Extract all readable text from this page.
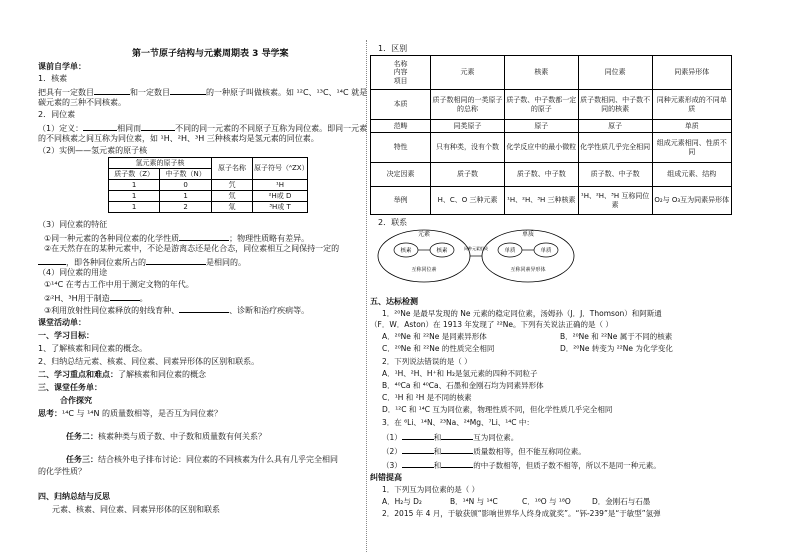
第一节原子结构与元素周期表 3 导学案
课前自学单：
1．核素
把具有一定数目	和一定数目	的一种原子叫做核素。如 ¹²C、¹³C、¹⁴C 就是
碳元素的三种不同核素。
2．同位素
（1）定义：	相同而	不同的同一元素的不同原子互称为同位素。即同一元素
的不同核素之间互称为同位素，如 ¹H、²H、³H 三种核素均是氢元素的同位素。
（2）实例——氢元素的原子核
氢元素的原子核		原子名称	原子符号（ᴬZX）
质子数（Z）	中子数（N）		
1	0	氕	¹H
1	1	氘	²H或 D
1	2	氚	³H或 T
（3）同位素的特征
①同一种元素的各种同位素的化学性质	；物理性质略有差异。
②在天然存在的某种元素中，不论是游离态还是化合态，同位素相互之间保持一定的
，即各种同位素所占的	是相同的。
（4）同位素的用途
①¹⁴C 在考古工作中用于测定文物的年代。
②²H、³H用于制造	。
③利用放射性同位素释放的射线育种、	、诊断和治疗疾病等。
课堂活动单：
一、学习目标：
1、了解核素和同位素的概念。
2、归纳总结元素、核素、同位素、同素异形体的区别和联系。
二、学习重点和难点：了解核素和同位素的概念
三、课堂任务单：
合作探究
思考：¹⁴C 与 ¹⁴N 的质量数相等，是否互为同位素？
任务二：核素种类与质子数、中子数和质量数有何关系？
任务三：结合核外电子排布讨论：同位素的不同核素为什么具有几乎完全相同
的化学性质？
四、归纳总结与反思
元素、核素、同位素、同素异形体的区别和联系
1．区别
名称
内容
项目	元素	核素	同位素	同素异形体
本质	质子数相同的一类原子的总称	质子数、中子数都一定的原子	质子数相同、中子数不同的核素	同种元素形成的不同单质
范畴	同类原子	原子	原子	单质
特性	只有种类，没有个数	化学反应中的最小微粒	化学性质几乎完全相同	组成元素相同、性质不同
决定因素	质子数	质子数、中子数	质子数、中子数	组成元素、结构
举例	H、C、O 三种元素	¹H、²H、³H 三种核素	¹H、²H、³H 互称同位素	O₂与 O₃互为同素异形体
2．联系
元素
核素	核素
互称同位素
同种元素组成
单质
单质	单质
互称同素异形体
五、达标检测
1．²⁰Ne 是最早发现的 Ne 元素的稳定同位素，汤姆孙（J．J．Thomson）和阿斯通
（F．W．Aston）在 1913 年发现了 ²²Ne。下列有关说法正确的是（ ）
A．²⁰Ne 和 ²²Ne 是同素异形体	B．²⁰Ne 和 ²²Ne 属于不同的核素
C．²⁰Ne 和 ²²Ne 的性质完全相同	D．²⁰Ne 转变为 ²²Ne 为化学变化
2．下列说法错误的是（ ）
A．¹H、²H、H⁺和 H₂是氢元素的四种不同粒子
B．⁴⁰Ca 和 ⁴⁰Ca、石墨和金刚石均为同素异形体
C．¹H 和 ²H 是不同的核素
D．¹²C 和 ¹⁴C 互为同位素，物理性质不同，但化学性质几乎完全相同
3．在 ⁶Li、¹⁴N、²³Na、²⁴Mg、⁷Li、¹⁴C 中：
（1）	和	互为同位素。
（2）	和	质量数相等，但不能互称同位素。
（3）	和	的中子数相等，但质子数不相等，所以不是同一种元素。
纠错提高
1．下列互为同位素的是（ ）
A．H₂与 D₂	B．¹⁴N 与 ¹⁴C	C．¹⁶O 与 ¹⁸O	D．金刚石与石墨
2．2015 年 4 月，于敏获颁“影响世界华人终身成就奖”。“钚-239”是“于敏型”氢弹
